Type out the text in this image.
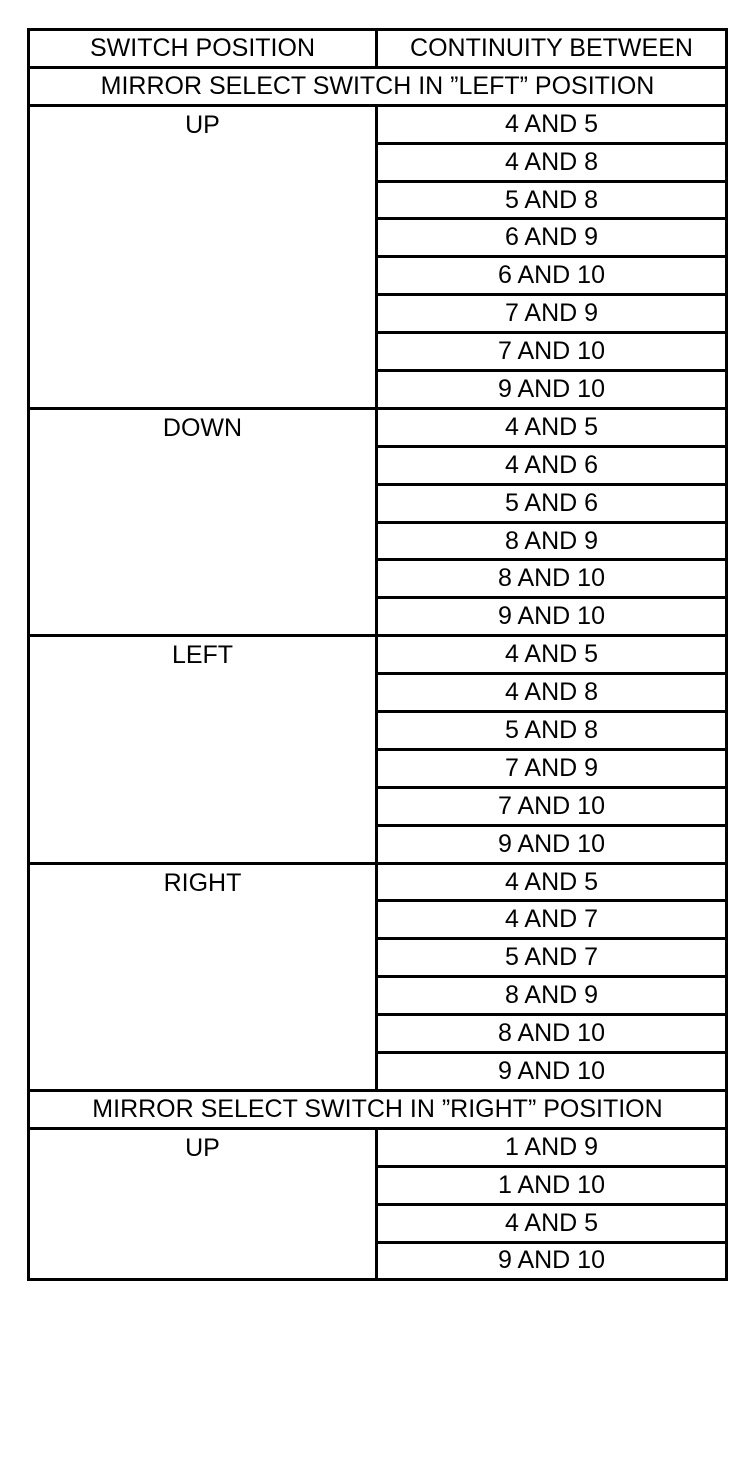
SWITCH POSITION	CONTINUITY BETWEEN
MIRROR SELECT SWITCH IN ”LEFT” POSITION	
UP	4 AND 5
	4 AND 8
	5 AND 8
	6 AND 9
	6 AND 10
	7 AND 9
	7 AND 10
	9 AND 10
DOWN	4 AND 5
	4 AND 6
	5 AND 6
	8 AND 9
	8 AND 10
	9 AND 10
LEFT	4 AND 5
	4 AND 8
	5 AND 8
	7 AND 9
	7 AND 10
	9 AND 10
RIGHT	4 AND 5
	4 AND 7
	5 AND 7
	8 AND 9
	8 AND 10
	9 AND 10
MIRROR SELECT SWITCH IN ”RIGHT” POSITION	
UP	1 AND 9
	1 AND 10
	4 AND 5
	9 AND 10
